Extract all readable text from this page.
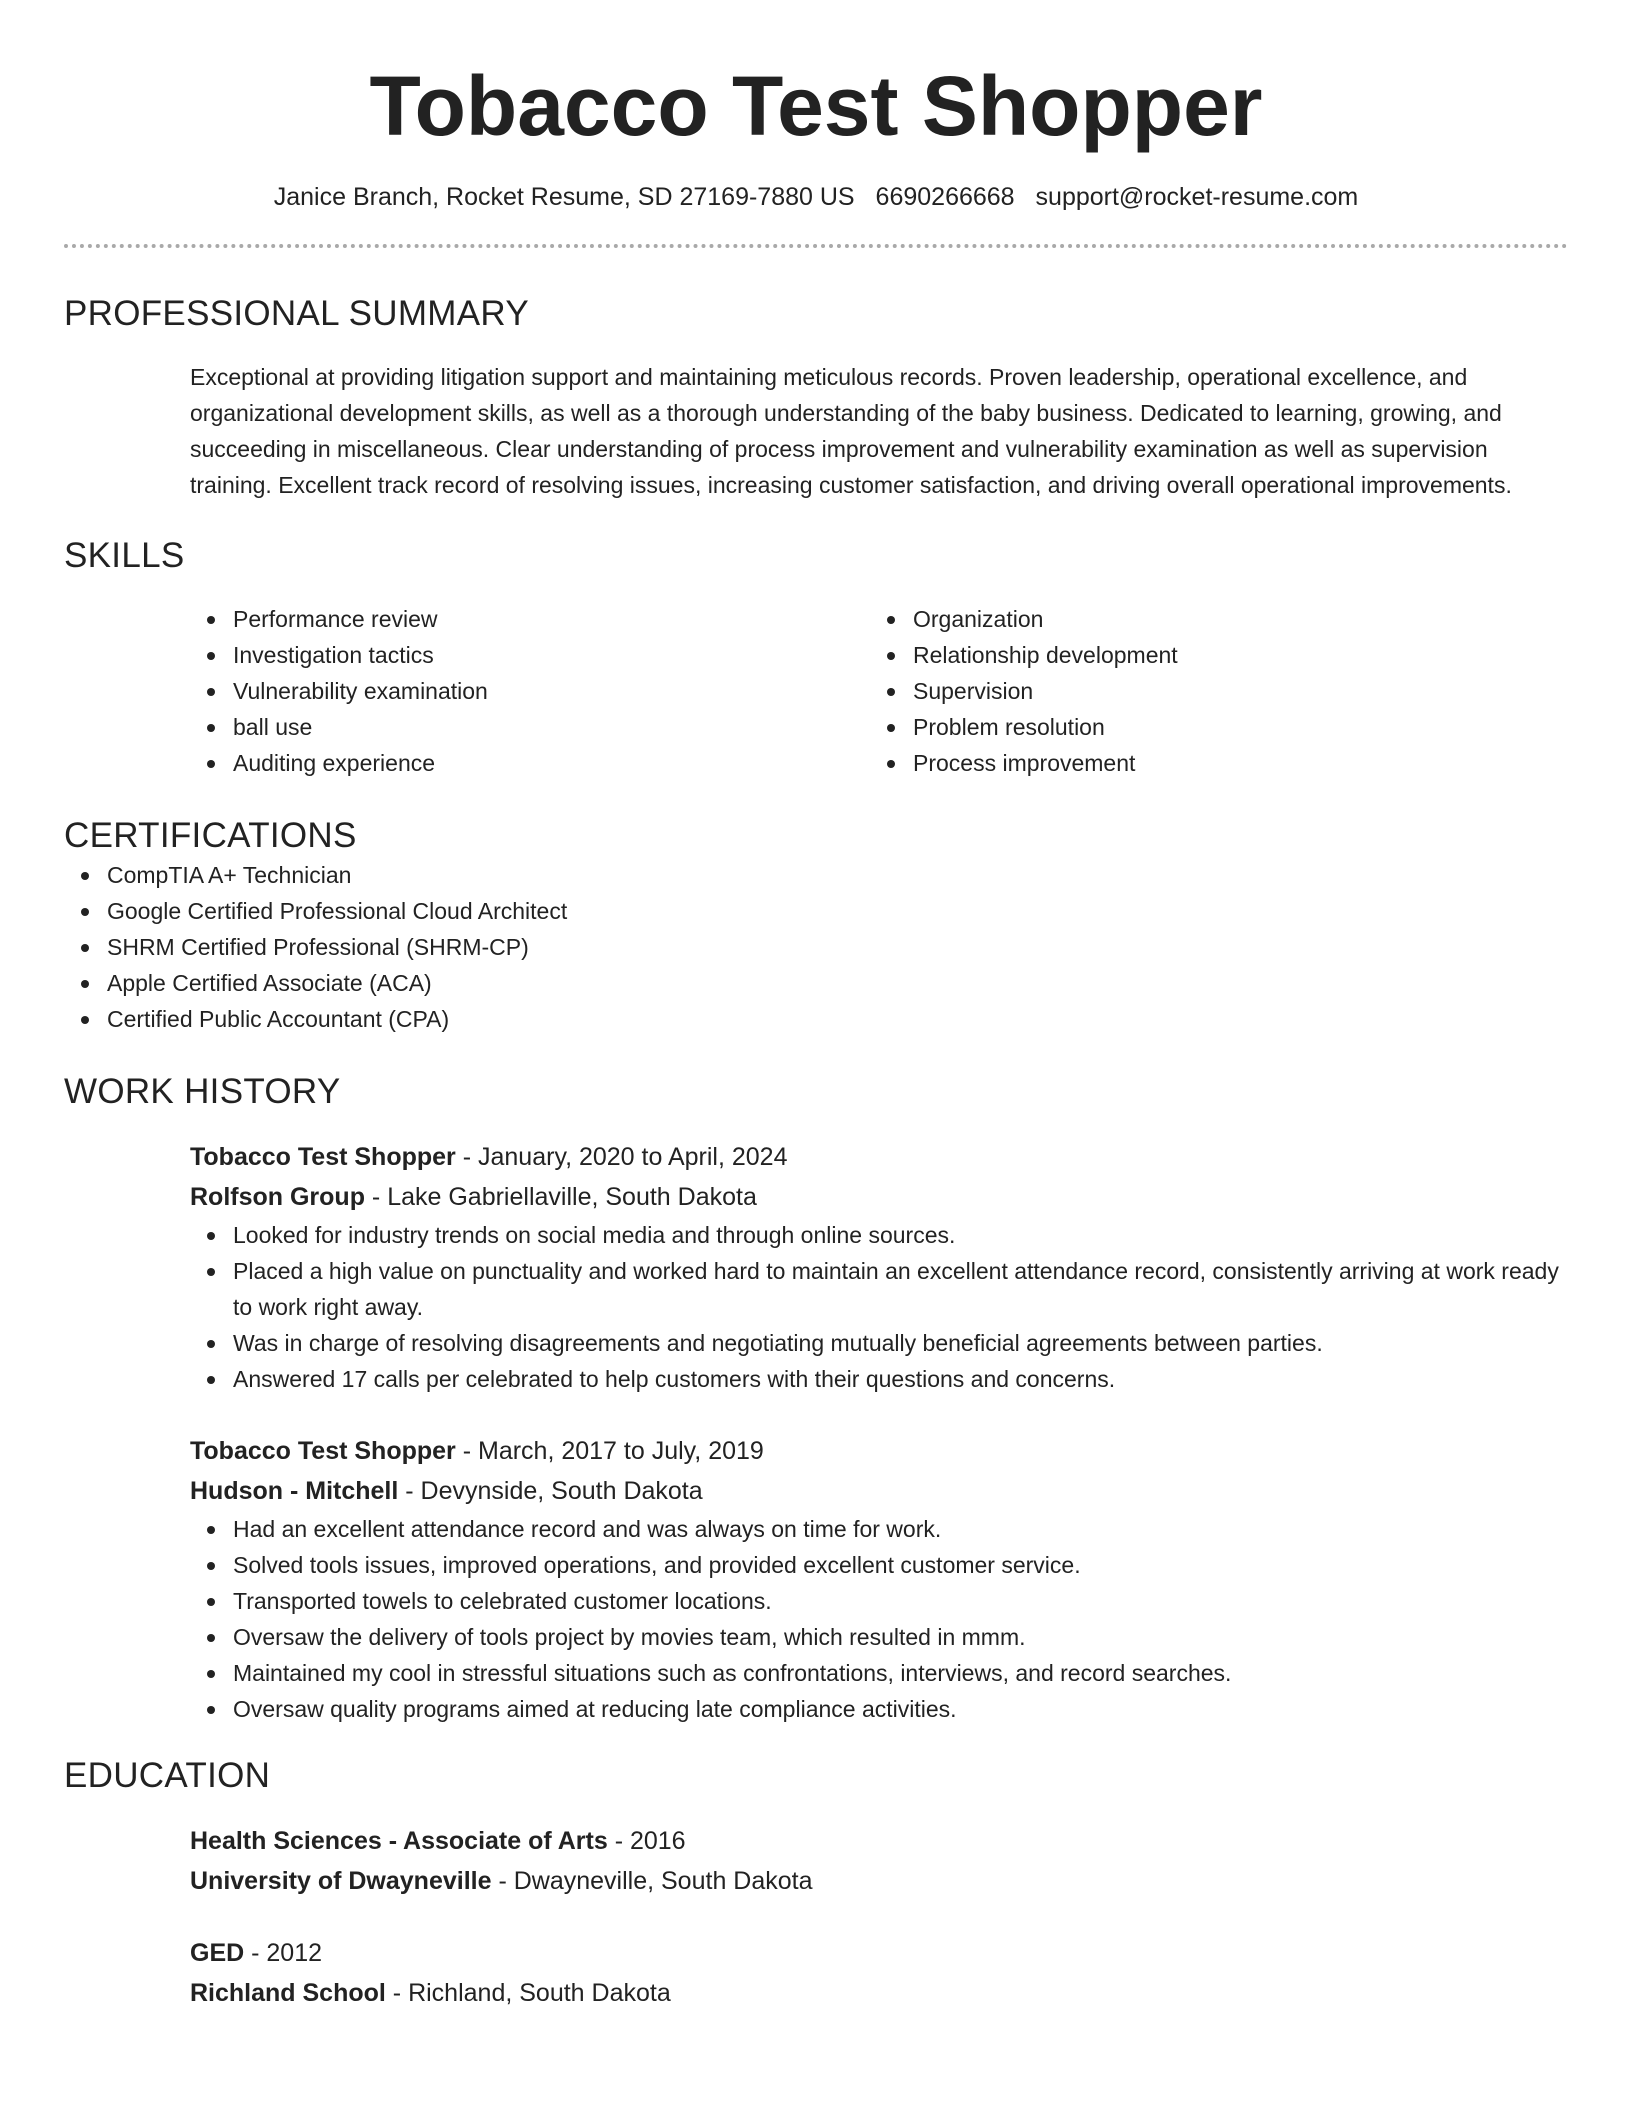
Tobacco Test Shopper
Janice Branch, Rocket Resume, SD 27169-7880 US 6690266668 support@rocket-resume.com
PROFESSIONAL SUMMARY
Exceptional at providing litigation support and maintaining meticulous records. Proven leadership, operational excellence, and organizational development skills, as well as a thorough understanding of the baby business. Dedicated to learning, growing, and succeeding in miscellaneous. Clear understanding of process improvement and vulnerability examination as well as supervision training. Excellent track record of resolving issues, increasing customer satisfaction, and driving overall operational improvements.
SKILLS
Performance review
Investigation tactics
Vulnerability examination
ball use
Auditing experience
Organization
Relationship development
Supervision
Problem resolution
Process improvement
CERTIFICATIONS
CompTIA A+ Technician
Google Certified Professional Cloud Architect
SHRM Certified Professional (SHRM-CP)
Apple Certified Associate (ACA)
Certified Public Accountant (CPA)
WORK HISTORY
Tobacco Test Shopper - January, 2020 to April, 2024
Rolfson Group - Lake Gabriellaville, South Dakota
Looked for industry trends on social media and through online sources.
Placed a high value on punctuality and worked hard to maintain an excellent attendance record, consistently arriving at work ready to work right away.
Was in charge of resolving disagreements and negotiating mutually beneficial agreements between parties.
Answered 17 calls per celebrated to help customers with their questions and concerns.
Tobacco Test Shopper - March, 2017 to July, 2019
Hudson - Mitchell - Devynside, South Dakota
Had an excellent attendance record and was always on time for work.
Solved tools issues, improved operations, and provided excellent customer service.
Transported towels to celebrated customer locations.
Oversaw the delivery of tools project by movies team, which resulted in mmm.
Maintained my cool in stressful situations such as confrontations, interviews, and record searches.
Oversaw quality programs aimed at reducing late compliance activities.
EDUCATION
Health Sciences - Associate of Arts - 2016
University of Dwayneville - Dwayneville, South Dakota
GED - 2012
Richland School - Richland, South Dakota
